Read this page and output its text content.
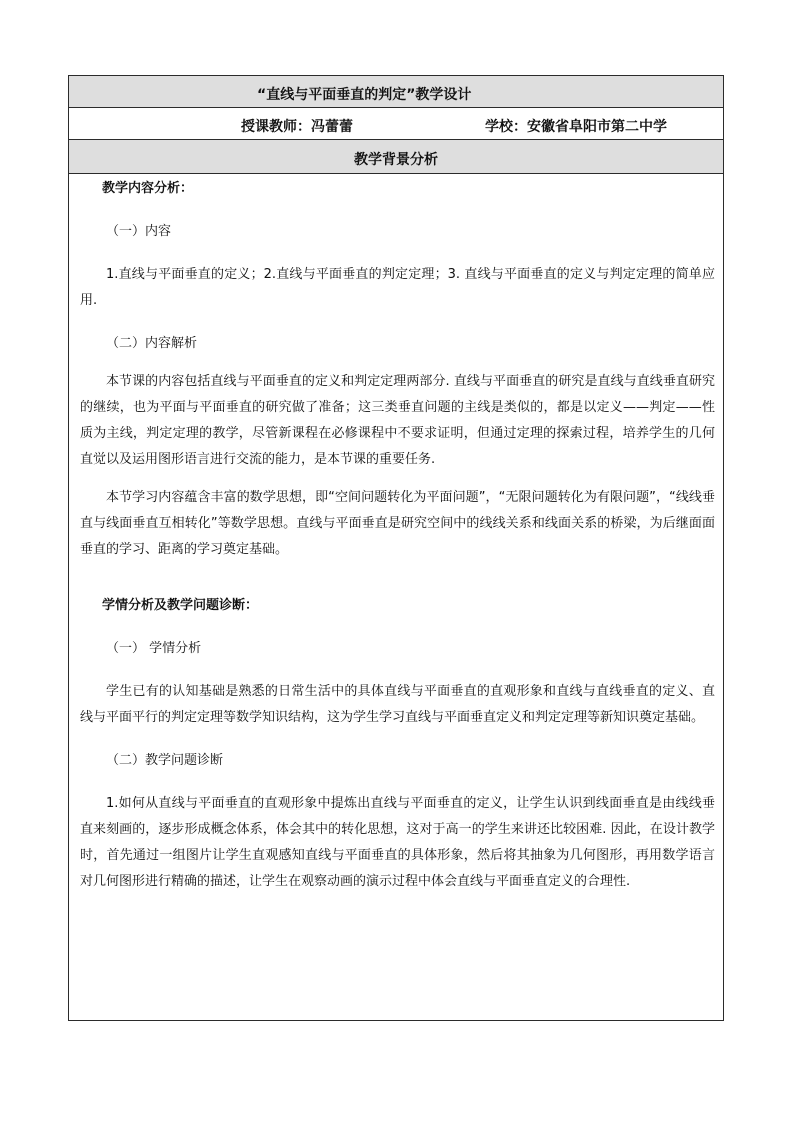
“直线与平面垂直的判定”教学设计
授课教师：冯蕾蕾	学校：安徽省阜阳市第二中学
教学背景分析

教学内容分析：

（一）内容

1.直线与平面垂直的定义；2.直线与平面垂直的判定定理；3. 直线与平面垂直的定义与判定定理的简单应用.

（二）内容解析

本节课的内容包括直线与平面垂直的定义和判定定理两部分. 直线与平面垂直的研究是直线与直线垂直研究的继续，也为平面与平面垂直的研究做了准备；这三类垂直问题的主线是类似的，都是以定义——判定——性质为主线，判定定理的教学，尽管新课程在必修课程中不要求证明，但通过定理的探索过程，培养学生的几何直觉以及运用图形语言进行交流的能力，是本节课的重要任务.

本节学习内容蕴含丰富的数学思想，即“空间问题转化为平面问题”，“无限问题转化为有限问题”，“线线垂直与线面垂直互相转化”等数学思想。直线与平面垂直是研究空间中的线线关系和线面关系的桥梁，为后继面面垂直的学习、距离的学习奠定基础。

学情分析及教学问题诊断：

（一） 学情分析

学生已有的认知基础是熟悉的日常生活中的具体直线与平面垂直的直观形象和直线与直线垂直的定义、直线与平面平行的判定定理等数学知识结构，这为学生学习直线与平面垂直定义和判定定理等新知识奠定基础。

（二）教学问题诊断

1.如何从直线与平面垂直的直观形象中提炼出直线与平面垂直的定义，让学生认识到线面垂直是由线线垂直来刻画的，逐步形成概念体系，体会其中的转化思想，这对于高一的学生来讲还比较困难. 因此，在设计教学时，首先通过一组图片让学生直观感知直线与平面垂直的具体形象，然后将其抽象为几何图形，再用数学语言对几何图形进行精确的描述，让学生在观察动画的演示过程中体会直线与平面垂直定义的合理性.
